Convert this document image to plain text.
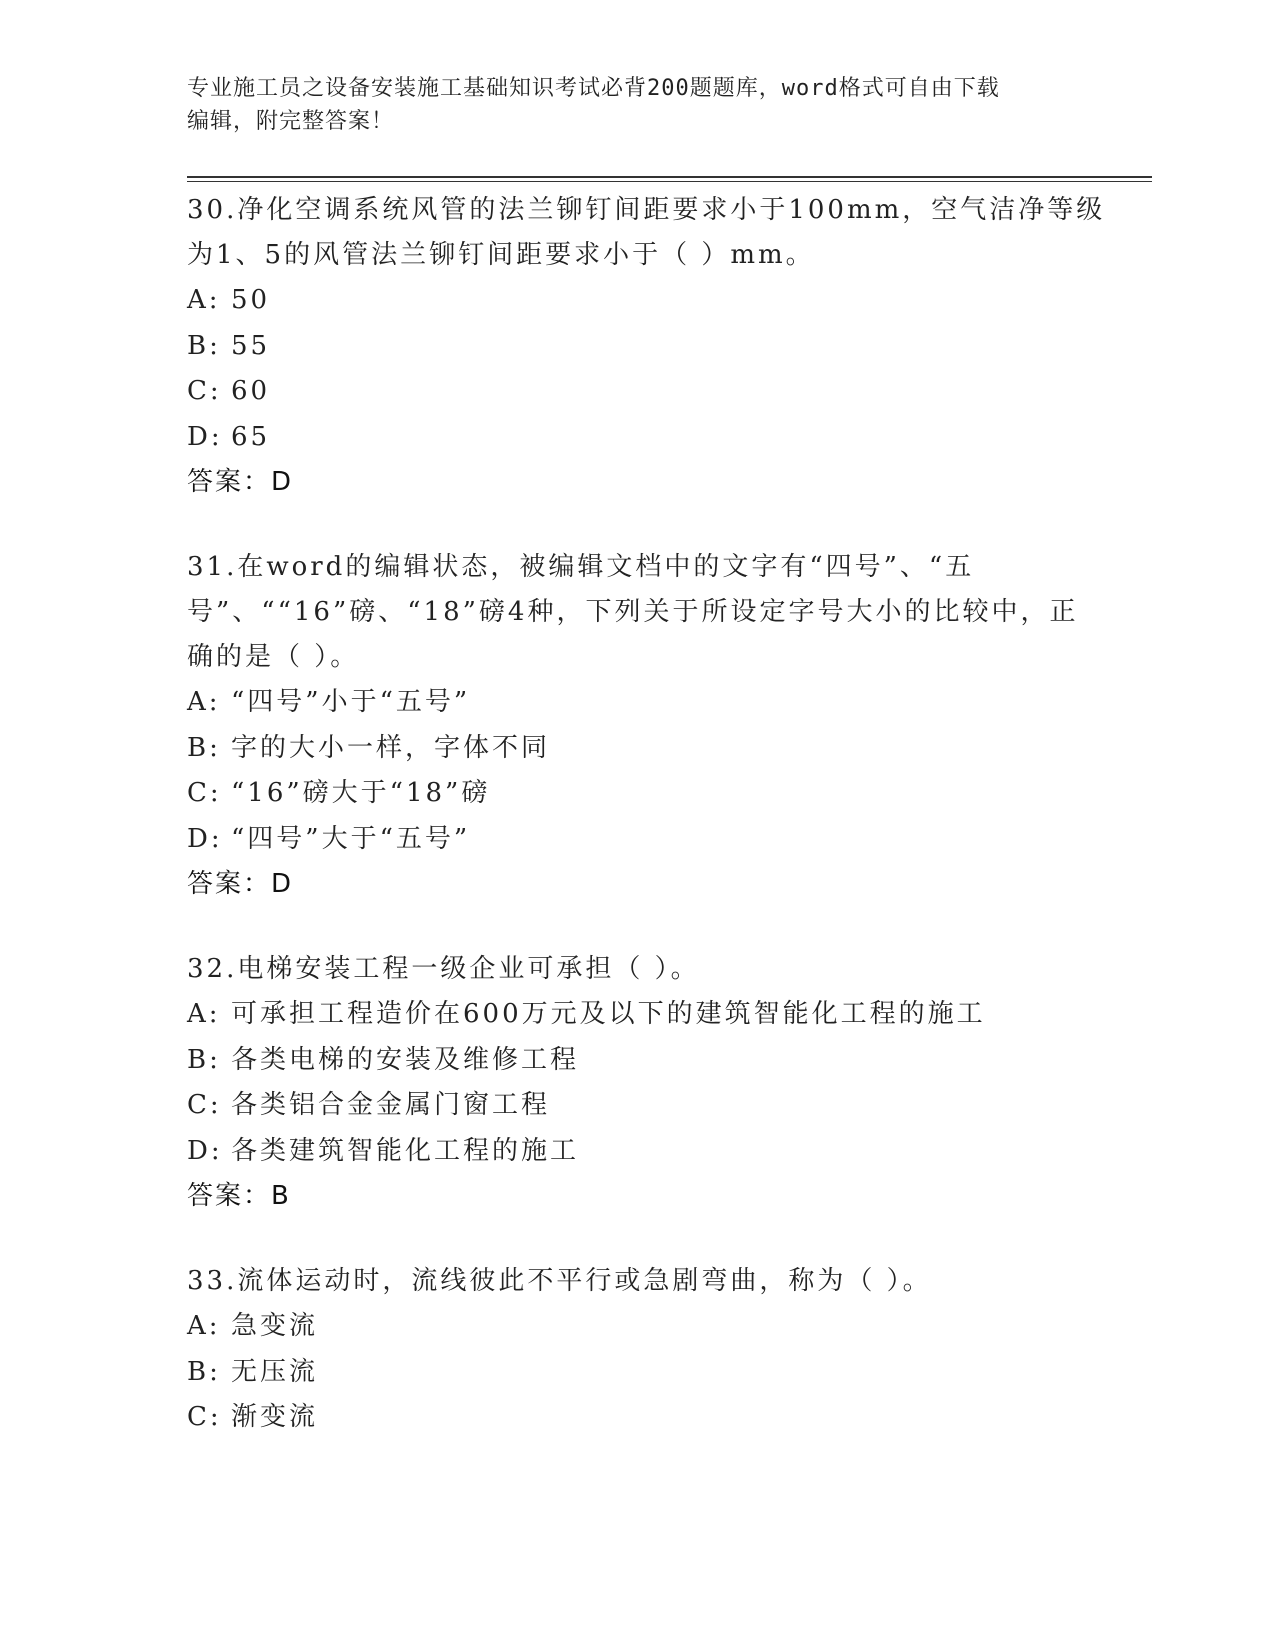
专业施工员之设备安装施工基础知识考试必背200题题库，word格式可自由下载
编辑，附完整答案！

30.净化空调系统风管的法兰铆钉间距要求小于100mm，空气洁净等级为1、5的风管法兰铆钉间距要求小于（ ）mm。

A: 50
B: 55
C: 60
D: 65

答案：D

31.在word的编辑状态，被编辑文档中的文字有“四号”、“五号”、““16”磅、“18”磅4种，下列关于所设定字号大小的比较中，正确的是（ ）。

A: “四号”小于“五号”
B: 字的大小一样，字体不同
C: “16”磅大于“18”磅
D: “四号”大于“五号”

答案：D

32.电梯安装工程一级企业可承担（ ）。

A: 可承担工程造价在600万元及以下的建筑智能化工程的施工
B: 各类电梯的安装及维修工程
C: 各类铝合金金属门窗工程
D: 各类建筑智能化工程的施工

答案：B

33.流体运动时，流线彼此不平行或急剧弯曲，称为（ ）。

A: 急变流
B: 无压流
C: 渐变流
